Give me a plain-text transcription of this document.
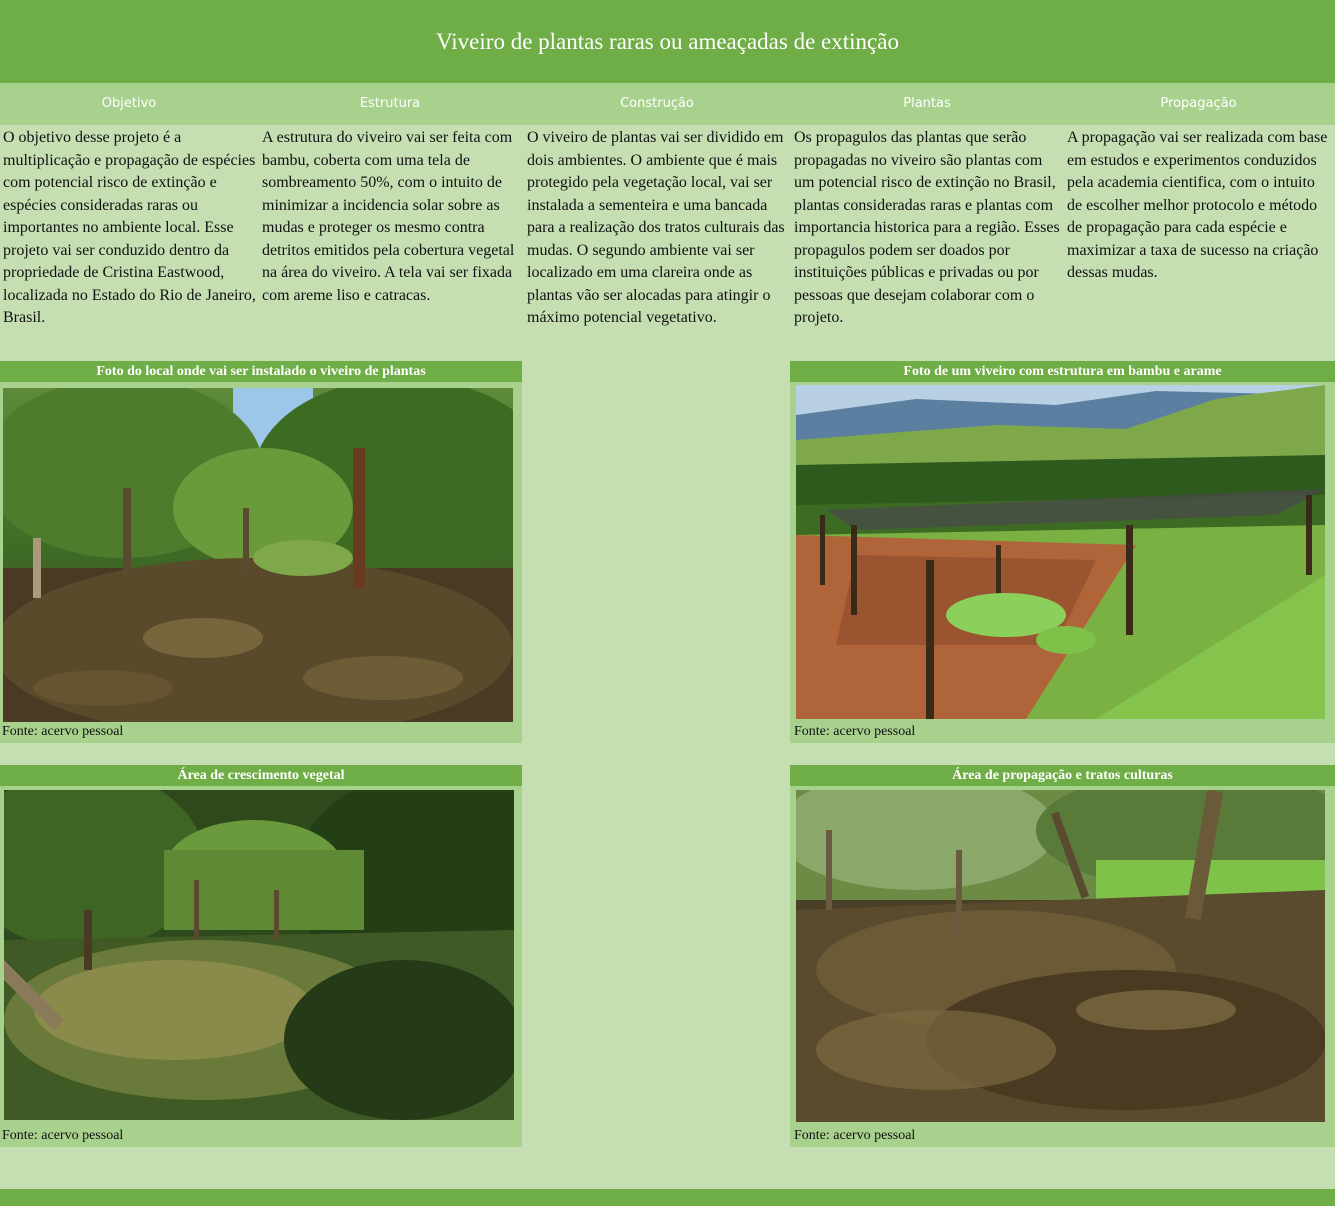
Viveiro de plantas raras ou ameaçadas de extinção
Objetivo	Estrutura	Construção	Plantas	Propagação

O objetivo desse projeto é a multiplicação e propagação de espécies com potencial risco de extinção e espécies consideradas raras ou importantes no ambiente local. Esse projeto vai ser conduzido dentro da propriedade de Cristina Eastwood, localizada no Estado do Rio de Janeiro, Brasil.

A estrutura do viveiro vai ser feita com bambu, coberta com uma tela de sombreamento 50%, com o intuito de minimizar a incidencia solar sobre as mudas e proteger os mesmo contra detritos emitidos pela cobertura vegetal na área do viveiro. A tela vai ser fixada com areme liso e catracas.

O viveiro de plantas vai ser dividido em dois ambientes. O ambiente que é mais protegido pela vegetação local, vai ser instalada a sementeira e uma bancada para a realização dos tratos culturais das mudas. O segundo ambiente vai ser localizado em uma clareira onde as plantas vão ser alocadas para atingir o máximo potencial vegetativo.

Os propagulos das plantas que serão propagadas no viveiro são plantas com um potencial risco de extinção no Brasil, plantas consideradas raras e plantas com importancia historica para a região. Esses propagulos podem ser doados por instituições públicas e privadas ou por pessoas que desejam colaborar com o projeto.

A propagação vai ser realizada com base em estudos e experimentos conduzidos pela academia cientifica, com o intuito de escolher melhor protocolo e método de propagação para cada espécie e maximizar a taxa de sucesso na criação dessas mudas.

Foto do local onde vai ser instalado o viveiro de plantas
Fonte: acervo pessoal
Foto de um viveiro com estrutura em bambu e arame
Fonte: acervo pessoal
Área de crescimento vegetal
Fonte: acervo pessoal
Área de propagação e tratos culturas
Fonte: acervo pessoal
